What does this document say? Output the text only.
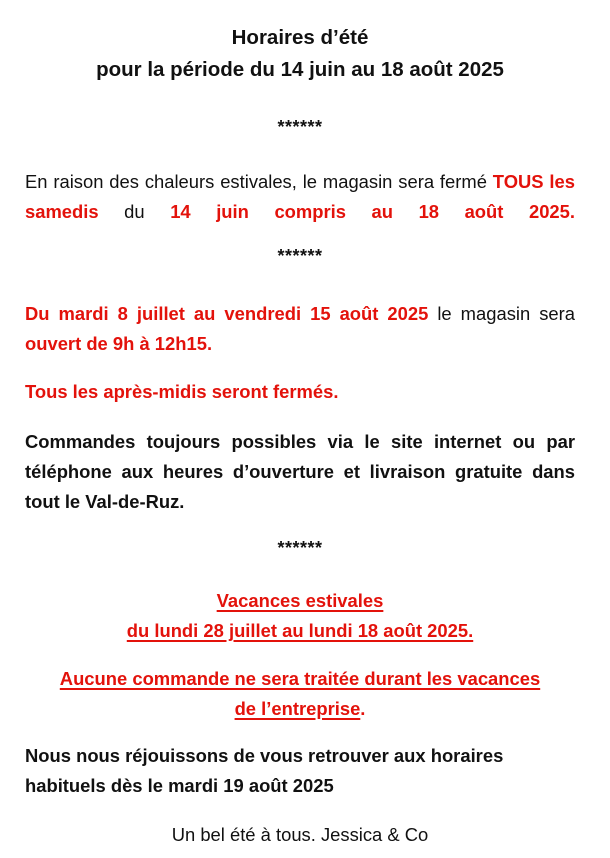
Horaires d’été
pour la période du 14 juin au 18 août 2025
******

En raison des chaleurs estivales, le magasin sera fermé TOUS les samedis du 14 juin compris au 18 août 2025.

******

Du mardi 8 juillet au vendredi 15 août 2025 le magasin sera ouvert de 9h à 12h15.

Tous les après-midis seront fermés.

Commandes toujours possibles via le site internet ou par téléphone aux heures d’ouverture et livraison gratuite dans tout le Val-de-Ruz.

******
Vacances estivales
du lundi 28 juillet au lundi 18 août 2025.
Aucune commande ne sera traitée durant les vacances
de l’entreprise.
Nous nous réjouissons de vous retrouver aux horaires
habituels dès le mardi 19 août 2025
Un bel été à tous. Jessica & Co
